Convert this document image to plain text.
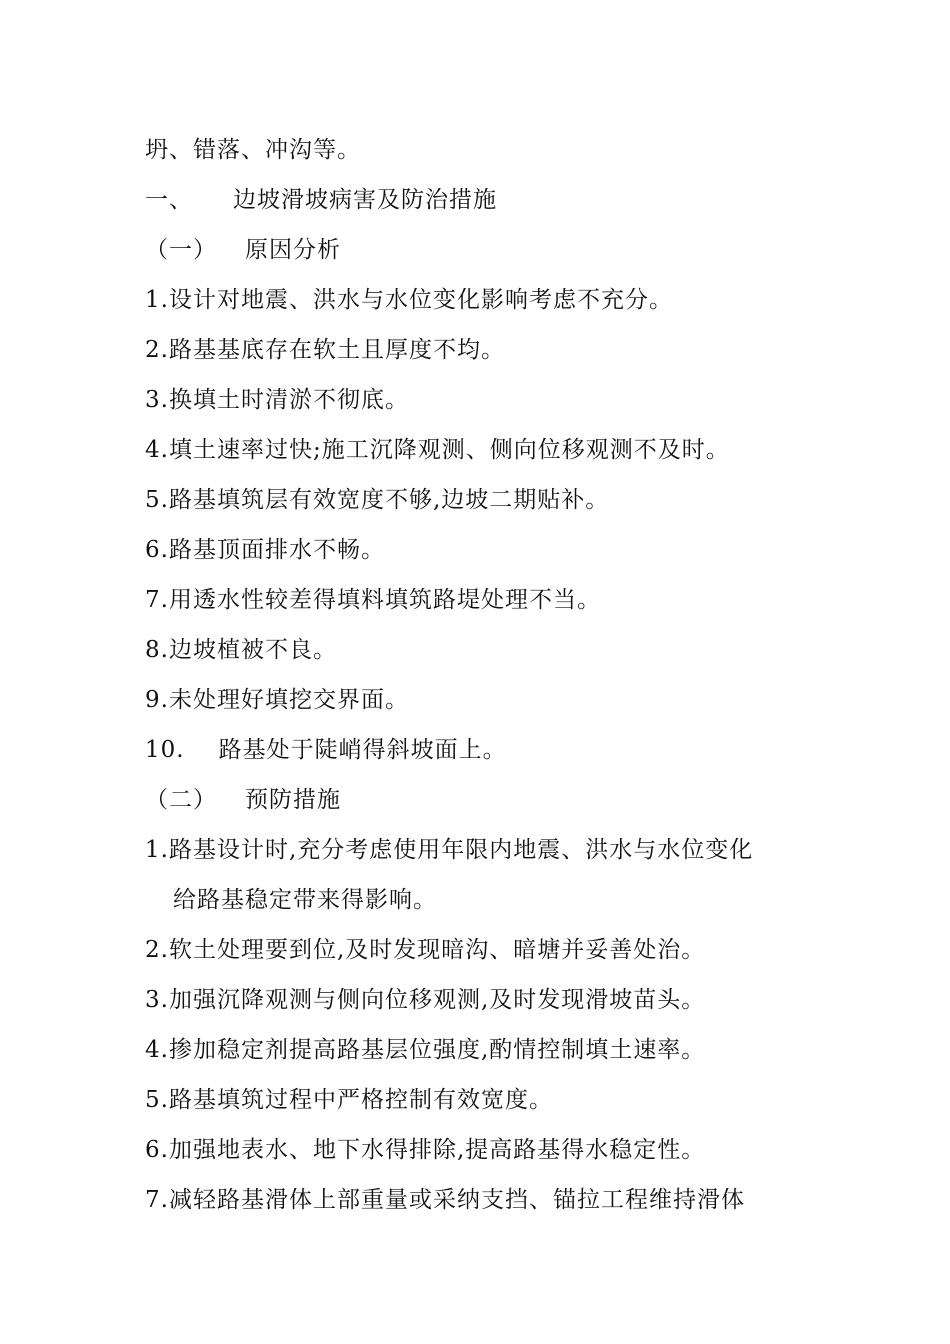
坍、错落、冲沟等。
一、 边坡滑坡病害及防治措施
（一） 原因分析
1.设计对地震、洪水与水位变化影响考虑不充分。
2.路基基底存在软土且厚度不均。
3.换填土时清淤不彻底。
4.填土速率过快;施工沉降观测、侧向位移观测不及时。
5.路基填筑层有效宽度不够,边坡二期贴补。
6.路基顶面排水不畅。
7.用透水性较差得填料填筑路堤处理不当。
8.边坡植被不良。
9.未处理好填挖交界面。
10. 路基处于陡峭得斜坡面上。
（二） 预防措施
1.路基设计时,充分考虑使用年限内地震、洪水与水位变化
给路基稳定带来得影响。
2.软土处理要到位,及时发现暗沟、暗塘并妥善处治。
3.加强沉降观测与侧向位移观测,及时发现滑坡苗头。
4.掺加稳定剂提高路基层位强度,酌情控制填土速率。
5.路基填筑过程中严格控制有效宽度。
6.加强地表水、地下水得排除,提高路基得水稳定性。
7.减轻路基滑体上部重量或采纳支挡、锚拉工程维持滑体
